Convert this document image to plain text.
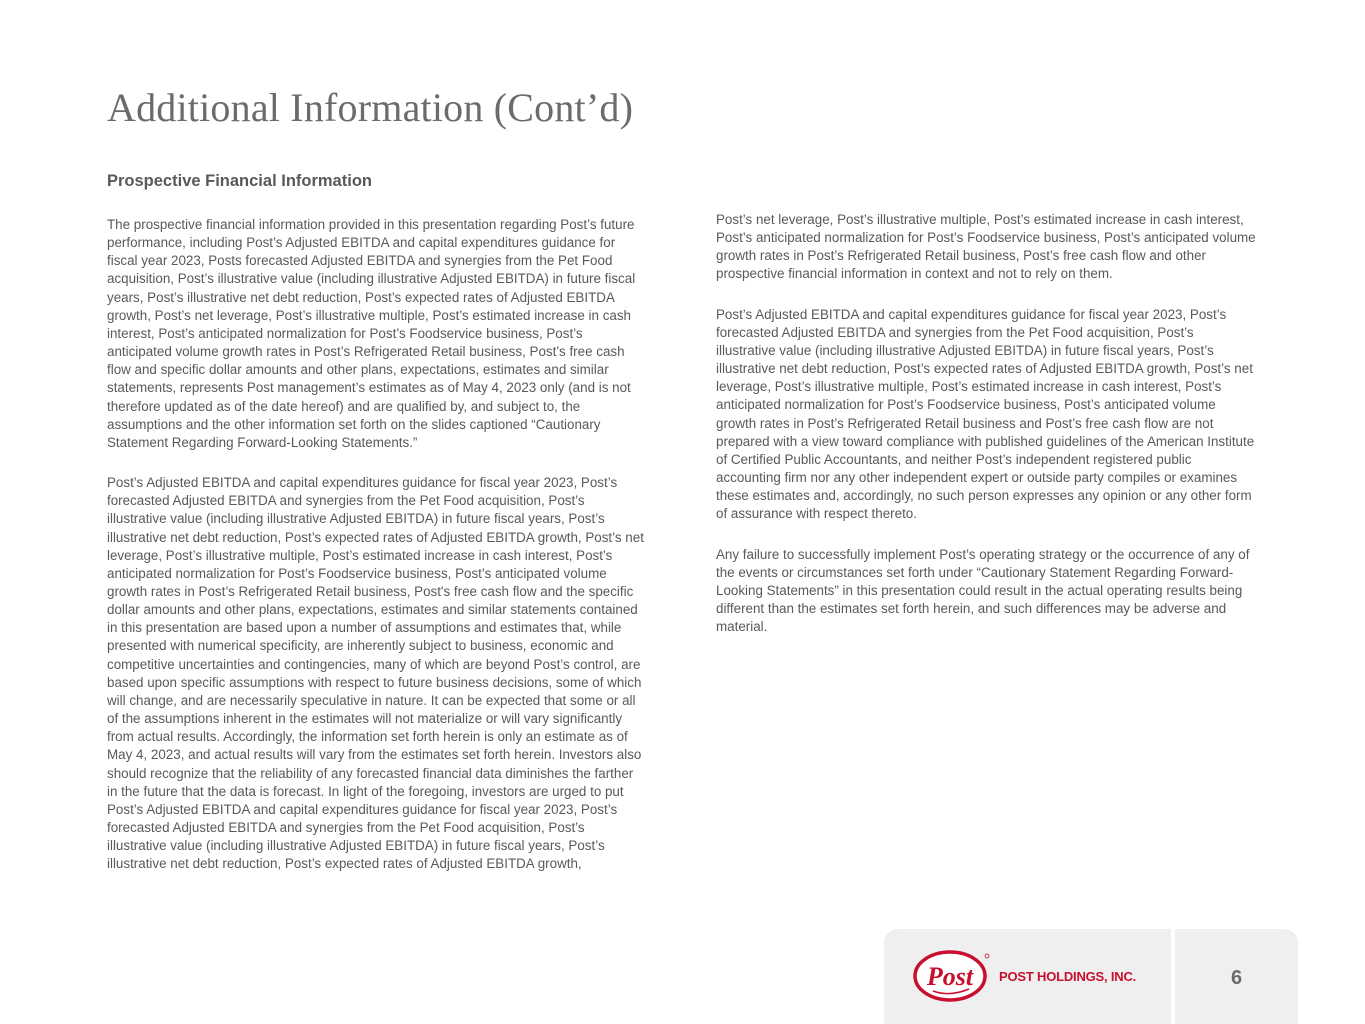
Additional Information (Cont’d)
Prospective Financial Information

The prospective financial information provided in this presentation regarding Post’s future performance, including Post’s Adjusted EBITDA and capital expenditures guidance for fiscal year 2023, Posts forecasted Adjusted EBITDA and synergies from the Pet Food acquisition, Post’s illustrative value (including illustrative Adjusted EBITDA) in future fiscal years, Post’s illustrative net debt reduction, Post’s expected rates of Adjusted EBITDA growth, Post’s net leverage, Post’s illustrative multiple, Post’s estimated increase in cash interest, Post’s anticipated normalization for Post’s Foodservice business, Post’s anticipated volume growth rates in Post’s Refrigerated Retail business, Post’s free cash flow and specific dollar amounts and other plans, expectations, estimates and similar statements, represents Post management’s estimates as of May 4, 2023 only (and is not therefore updated as of the date hereof) and are qualified by, and subject to, the assumptions and the other information set forth on the slides captioned “Cautionary Statement Regarding Forward-Looking Statements.”

Post’s Adjusted EBITDA and capital expenditures guidance for fiscal year 2023, Post’s forecasted Adjusted EBITDA and synergies from the Pet Food acquisition, Post’s illustrative value (including illustrative Adjusted EBITDA) in future fiscal years, Post’s illustrative net debt reduction, Post’s expected rates of Adjusted EBITDA growth, Post’s net leverage, Post’s illustrative multiple, Post’s estimated increase in cash interest, Post’s anticipated normalization for Post’s Foodservice business, Post’s anticipated volume growth rates in Post’s Refrigerated Retail business, Post's free cash flow and the specific dollar amounts and other plans, expectations, estimates and similar statements contained in this presentation are based upon a number of assumptions and estimates that, while presented with numerical specificity, are inherently subject to business, economic and competitive uncertainties and contingencies, many of which are beyond Post’s control, are based upon specific assumptions with respect to future business decisions, some of which will change, and are necessarily speculative in nature. It can be expected that some or all of the assumptions inherent in the estimates will not materialize or will vary significantly from actual results. Accordingly, the information set forth herein is only an estimate as of May 4, 2023, and actual results will vary from the estimates set forth herein. Investors also should recognize that the reliability of any forecasted financial data diminishes the farther in the future that the data is forecast. In light of the foregoing, investors are urged to put Post’s Adjusted EBITDA and capital expenditures guidance for fiscal year 2023, Post’s forecasted Adjusted EBITDA and synergies from the Pet Food acquisition, Post’s illustrative value (including illustrative Adjusted EBITDA) in future fiscal years, Post’s illustrative net debt reduction, Post’s expected rates of Adjusted EBITDA growth,

Post’s net leverage, Post’s illustrative multiple, Post’s estimated increase in cash interest, Post’s anticipated normalization for Post’s Foodservice business, Post’s anticipated volume growth rates in Post’s Refrigerated Retail business, Post’s free cash flow and other prospective financial information in context and not to rely on them.

Post’s Adjusted EBITDA and capital expenditures guidance for fiscal year 2023, Post’s forecasted Adjusted EBITDA and synergies from the Pet Food acquisition, Post’s illustrative value (including illustrative Adjusted EBITDA) in future fiscal years, Post’s illustrative net debt reduction, Post’s expected rates of Adjusted EBITDA growth, Post’s net leverage, Post’s illustrative multiple, Post’s estimated increase in cash interest, Post’s anticipated normalization for Post’s Foodservice business, Post’s anticipated volume growth rates in Post’s Refrigerated Retail business and Post’s free cash flow are not prepared with a view toward compliance with published guidelines of the American Institute of Certified Public Accountants, and neither Post’s independent registered public accounting firm nor any other independent expert or outside party compiles or examines these estimates and, accordingly, no such person expresses any opinion or any other form of assurance with respect thereto.

Any failure to successfully implement Post’s operating strategy or the occurrence of any of the events or circumstances set forth under “Cautionary Statement Regarding Forward-Looking Statements” in this presentation could result in the actual operating results being different than the estimates set forth herein, and such differences may be adverse and material.

Post POST HOLDINGS, INC.	6
